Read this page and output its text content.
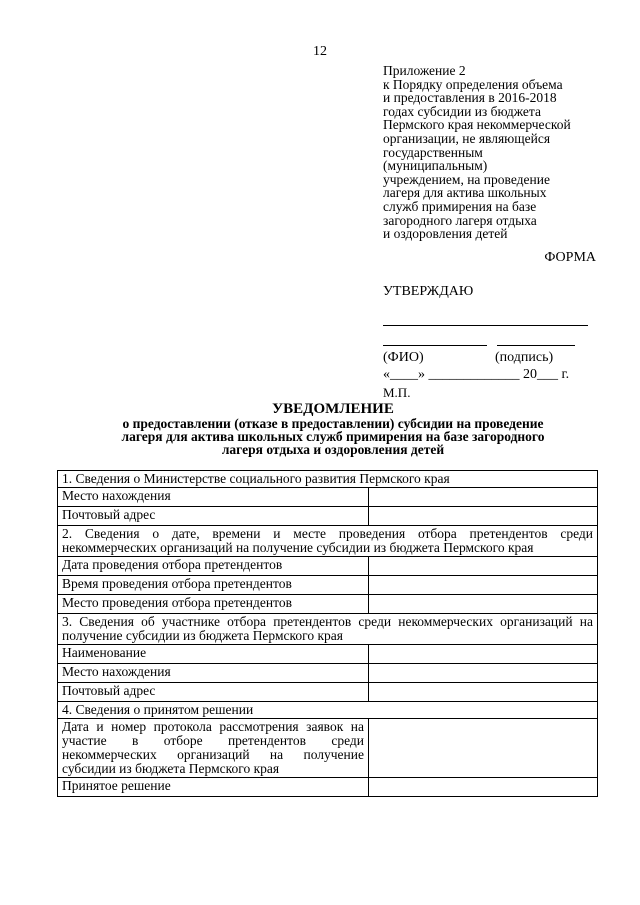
12
Приложение 2
к Порядку определения объема
и предоставления в 2016-2018
годах субсидии из бюджета
Пермского края некоммерческой
организации, не являющейся
государственным
(муниципальным)
учреждением, на проведение
лагеря для актива школьных
служб примирения на базе
загородного лагеря отдыха
и оздоровления детей
ФОРМА
УТВЕРЖДАЮ
(ФИО)	(подпись)
«____» _____________ 20___ г.
М.П.
УВЕДОМЛЕНИЕ
о предоставлении (отказе в предоставлении) субсидии на проведение
лагеря для актива школьных служб примирения на базе загородного
лагеря отдыха и оздоровления детей
1. Сведения о Министерстве социального развития Пермского края	
Место нахождения	
Почтовый адрес	
2. Сведения о дате, времени и месте проведения отбора претендентов среди некоммерческих организаций на получение субсидии из бюджета Пермского края	
Дата проведения отбора претендентов	
Время проведения отбора претендентов	
Место проведения отбора претендентов	
3. Сведения об участнике отбора претендентов среди некоммерческих организаций на получение субсидии из бюджета Пермского края	
Наименование	
Место нахождения	
Почтовый адрес	
4. Сведения о принятом решении	
Дата и номер протокола рассмотрения заявок на участие в отборе претендентов среди некоммерческих организаций на получение субсидии из бюджета Пермского края	
Принятое решение	
